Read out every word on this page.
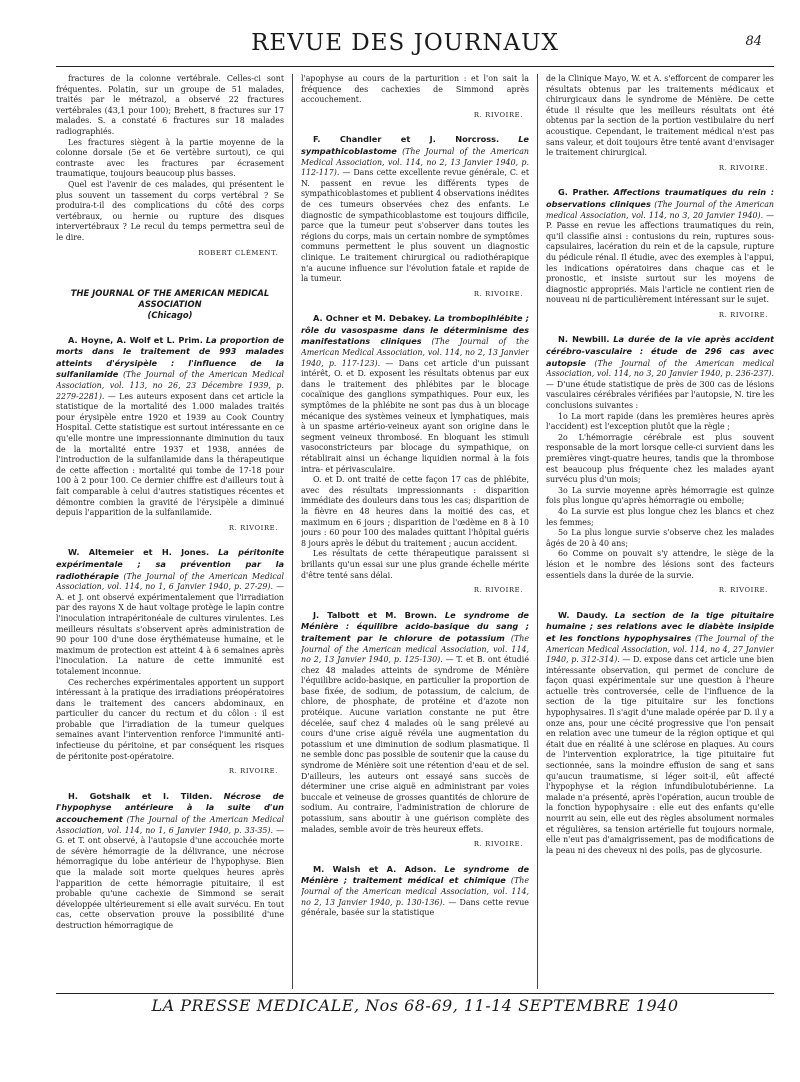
REVUE DES JOURNAUX	84

fractures de la colonne vertébrale. Celles-ci sont fréquentes. Polatin, sur un groupe de 51 malades, traités par le métrazol, a observé 22 fractures vertébrales (43,1 pour 100); Brehett, 8 fractures sur 17 malades. S. a constaté 6 fractures sur 18 malades radiographiés.

Les fractures siègent à la partie moyenne de la colonne dorsale (5e et 6e vertèbre surtout), ce qui contraste avec les fractures par écrasement traumatique, toujours beaucoup plus basses.

Quel est l'avenir de ces malades, qui présentent le plus souvent un tassement du corps vertébral ? Se produira-t-il des complications du côté des corps vertébraux, ou hernie ou rupture des disques intervertébraux ? Le recul du temps permettra seul de le dire.

ROBERT CLÉMENT.
THE JOURNAL OF THE AMERICAN MEDICAL ASSOCIATION
(Chicago)

A. Hoyne, A. Wolf et L. Prim. La proportion de morts dans le traitement de 993 malades atteints d'érysipèle : l'influence de la sulfanilamide (The Journal of the American Medical Association, vol. 113, no 26, 23 Décembre 1939, p. 2279-2281). — Les auteurs exposent dans cet article la statistique de la mortalité des 1.000 malades traités pour érysipèle entre 1920 et 1939 au Cook Country Hospital. Cette statistique est surtout intéressante en ce qu'elle montre une impressionnante diminution du taux de la mortalité entre 1937 et 1938, années de l'introduction de la sulfanilamide dans la thérapeutique de cette affection : mortalité qui tombe de 17-18 pour 100 à 2 pour 100. Ce dernier chiffre est d'ailleurs tout à fait comparable à celui d'autres statistiques récentes et démontre combien la gravité de l'érysipèle a diminué depuis l'apparition de la sulfanilamide.

R. RIVOIRE.

W. Altemeier et H. Jones. La péritonite expérimentale ; sa prévention par la radiothérapie (The Journal of the American Medical Association, vol. 114, no 1, 6 Janvier 1940, p. 27-29). — A. et J. ont observé expérimentalement que l'irradiation par des rayons X de haut voltage protège le lapin contre l'inoculation intrapéritonéale de cultures virulentes. Les meilleurs résultats s'observent après administration de 90 pour 100 d'une dose érythémateuse humaine, et le maximum de protection est atteint 4 à 6 semaines après l'inoculation. La nature de cette immunité est totalement inconnue.

Ces recherches expérimentales apportent un support intéressant à la pratique des irradiations préopératoires dans le traitement des cancers abdominaux, en particulier du cancer du rectum et du côlon : il est probable que l'irradiation de la tumeur quelques semaines avant l'intervention renforce l'immunité anti-infectieuse du péritoine, et par conséquent les risques de péritonite post-opératoire.

R. RIVOIRE.

H. Gotshalk et I. Tilden. Nécrose de l'hypophyse antérieure à la suite d'un accouchement (The Journal of the American Medical Association, vol. 114, no 1, 6 Janvier 1940, p. 33-35). — G. et T. ont observé, à l'autopsie d'une accouchée morte de sévère hémorragie de la délivrance, une nécrose hémorragique du lobe antérieur de l'hypophyse. Bien que la malade soit morte quelques heures après l'apparition de cette hémorragie pituitaire, il est probable qu'une cachexie de Simmond se serait développée ultérieurement si elle avait survécu. En tout cas, cette observation prouve la possibilité d'une destruction hémorragique de

l'apophyse au cours de la parturition : et l'on sait la fréquence des cachexies de Simmond après accouchement.

R. RIVOIRE.

F. Chandler et J. Norcross. Le sympathicoblastome (The Journal of the American Medical Association, vol. 114, no 2, 13 Janvier 1940, p. 112-117). — Dans cette excellente revue générale, C. et N. passent en revue les différents types de sympathicoblastomes et publient 4 observations inédites de ces tumeurs observées chez des enfants. Le diagnostic de sympathicoblastome est toujours difficile, parce que la tumeur peut s'observer dans toutes les régions du corps, mais un certain nombre de symptômes communs permettent le plus souvent un diagnostic clinique. Le traitement chirurgical ou radiothérapique n'a aucune influence sur l'évolution fatale et rapide de la tumeur.

R. RIVOIRE.

A. Ochner et M. Debakey. La tromboplhlébite ; rôle du vasospasme dans le déterminisme des manifestations cliniques (The Journal of the American Medical Association, vol. 114, no 2, 13 Janvier 1940, p. 117-123). — Dans cet article d'un puissant intérêt, O. et D. exposent les résultats obtenus par eux dans le traitement des phlébites par le blocage cocaïnique des ganglions sympathiques. Pour eux, les symptômes de la phlébite ne sont pas dus à un blocage mécanique des systèmes veineux et lymphatiques, mais à un spasme artério-veineux ayant son origine dans le segment veineux thrombosé. En bloquant les stimuli vasoconstricteurs par blocage du sympathique, on rétablirait ainsi un échange liquidien normal à la fois intra- et périvasculaire.

O. et D. ont traité de cette façon 17 cas de phlébite, avec des résultats impressionnants : disparition immédiate des douleurs dans tous les cas; disparition de la fièvre en 48 heures dans la moitié des cas, et maximum en 6 jours ; disparition de l'œdème en 8 à 10 jours : 60 pour 100 des malades quittant l'hôpital guéris 8 jours après le début du traitement ; aucun accident.

Les résultats de cette thérapeutique paraissent si brillants qu'un essai sur une plus grande échelle mérite d'être tenté sans délai.

R. RIVOIRE.

J. Talbott et M. Brown. Le syndrome de Ménière : équilibre acido-basique du sang ; traitement par le chlorure de potassium (The Journal of the American medical Association, vol. 114, no 2, 13 Janvier 1940, p. 125-130). — T. et B. ont étudié chez 48 malades atteints de syndrome de Ménière l'équilibre acido-basique, en particulier la proportion de base fixée, de sodium, de potassium, de calcium, de chlore, de phosphate, de protéine et d'azote non protéique. Aucune variation constante ne put être décelée, sauf chez 4 malades où le sang prélevé au cours d'une crise aiguë révéla une augmentation du potassium et une diminution de sodium plasmatique. Il ne semble donc pas possible de soutenir que la cause du syndrome de Ménière soit une rétention d'eau et de sel. D'ailleurs, les auteurs ont essayé sans succès de déterminer une crise aiguë en administrant par voies buccale et veineuse de grosses quantités de chlorure de sodium. Au contraire, l'administration de chlorure de potassium, sans aboutir à une guérison complète des malades, semble avoir de très heureux effets.

R. RIVOIRE.

M. Walsh et A. Adson. Le syndrome de Ménière ; traitement médical et chimique (The Journal of the American medical Association, vol. 114, no 2, 13 Janvier 1940, p. 130-136). — Dans cette revue générale, basée sur la statistique

de la Clinique Mayo, W. et A. s'efforcent de comparer les résultats obtenus par les traitements médicaux et chirurgicaux dans le syndrome de Ménière. De cette étude il résulte que les meilleurs résultats ont été obtenus par la section de la portion vestibulaire du nerf acoustique. Cependant, le traitement médical n'est pas sans valeur, et doit toujours être tenté avant d'envisager le traitement chirurgical.

R. RIVOIRE.

G. Prather. Affections traumatiques du rein : observations cliniques (The Journal of the American medical Association, vol. 114, no 3, 20 Janvier 1940). — P. Passe en revue les affections traumatiques du rein, qu'il classifie ainsi : contusions du rein, ruptures sous-capsulaires, lacération du rein et de la capsule, rupture du pédicule rénal. Il étudie, avec des exemples à l'appui, les indications opératoires dans chaque cas et le pronostic, et insiste surtout sur les moyens de diagnostic appropriés. Mais l'article ne contient rien de nouveau ni de particulièrement intéressant sur le sujet.

R. RIVOIRE.

N. Newbill. La durée de la vie après accident cérébro-vasculaire : étude de 296 cas avec autopsie (The Journal of the American medical Association, vol. 114, no 3, 20 Janvier 1940, p. 236-237). — D'une étude statistique de près de 300 cas de lésions vasculaires cérébrales vérifiées par l'autopsie, N. tire les conclusions suivantes :

1o La mort rapide (dans les premières heures après l'accident) est l'exception plutôt que la règle ;

2o L'hémorragie cérébrale est plus souvent responsable de la mort lorsque celle-ci survient dans les premières vingt-quatre heures, tandis que la thrombose est beaucoup plus fréquente chez les malades ayant survécu plus d'un mois;

3o La survie moyenne après hémorragie est quinze fois plus longue qu'après hémorragie ou embolie;

4o La survie est plus longue chez les blancs et chez les femmes;

5o La plus longue survie s'observe chez les malades âgés de 20 à 40 ans;

6o Comme on pouvait s'y attendre, le siège de la lésion et le nombre des lésions sont des facteurs essentiels dans la durée de la survie.

R. RIVOIRE.

W. Daudy. La section de la tige pituitaire humaine ; ses relations avec le diabète insipide et les fonctions hypophysaires (The Journal of the American Medical Association, vol. 114, no 4, 27 Janvier 1940, p. 312-314). — D. expose dans cet article une bien intéressante observation, qui permet de conclure de façon quasi expérimentale sur une question à l'heure actuelle très controversée, celle de l'influence de la section de la tige pituitaire sur les fonctions hypophysaires. Il s'agit d'une malade opérée par D. il y a onze ans, pour une cécité progressive que l'on pensait en relation avec une tumeur de la région optique et qui était due en réalité à une sclérose en plaques. Au cours de l'intervention exploratrice, la tige pituitaire fut sectionnée, sans la moindre effusion de sang et sans qu'aucun traumatisme, si léger soit-il, eût affecté l'hypophyse et la région infundibulotubérienne. La malade n'a présenté, après l'opération, aucun trouble de la fonction hypophysaire : elle eut des enfants qu'elle nourrit au sein, elle eut des règles absolument normales et régulières, sa tension artérielle fut toujours normale, elle n'eut pas d'amaigrissement, pas de modifications de la peau ni des cheveux ni des poils, pas de glycosurie.

LA PRESSE MEDICALE, Nos 68-69, 11-14 SEPTEMBRE 1940
